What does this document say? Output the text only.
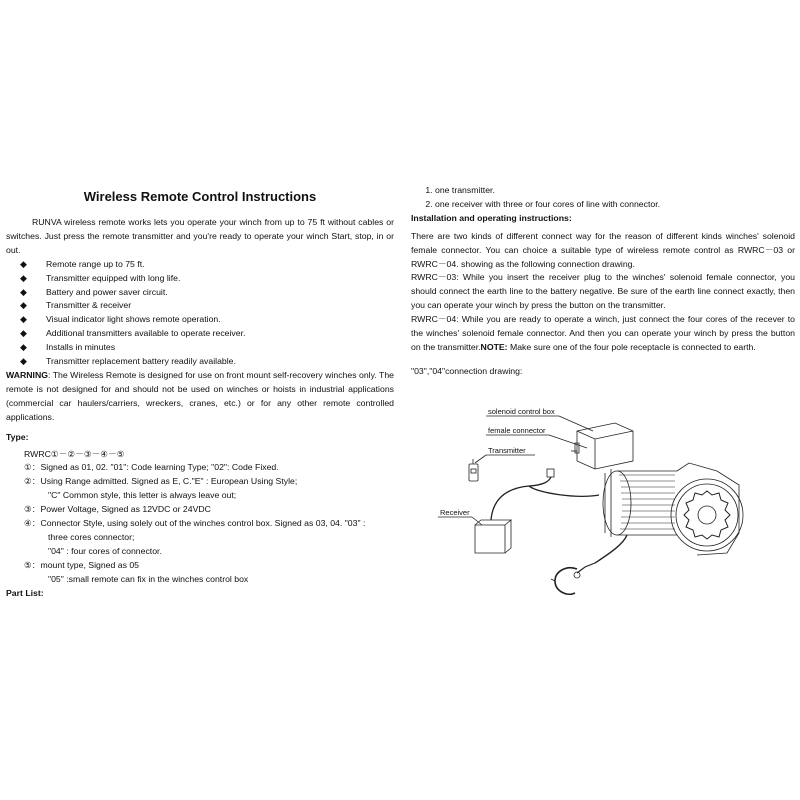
Wireless Remote Control Instructions
RUNVA wireless remote works lets you operate your winch from up to 75 ft without cables or switches. Just press the remote transmitter and you're ready to operate your winch Start, stop, in or out.
◆ Remote range up to 75 ft.
◆ Transmitter equipped with long life.
◆ Battery and power saver circuit.
◆ Transmitter & receiver
◆ Visual indicator light shows remote operation.
◆ Additional transmitters available to operate receiver.
◆ Installs in minutes
◆ Transmitter replacement battery readily available.
WARNING: The Wireless Remote is designed for use on front mount self-recovery winches only. The remote is not designed for and should not be used on winches or hoists in industrial applications (commercial car haulers/carriers, wreckers, cranes, etc.) or for any other remote controlled applications.
Type:
RWRC①－②－③－④－⑤
①：Signed as 01, 02. "01": Code learning Type; "02": Code Fixed.
②：Using Range admitted. Signed as E, C."E" : European Using Style;
"C" Common style, this letter is always leave out;
③：Power Voltage, Signed as 12VDC or 24VDC
④：Connector Style, using solely out of the winches control box. Signed as 03, 04. "03" :
three cores connector;
"04" : four cores of connector.
⑤：mount type, Signed as 05
"05" :small remote can fix in the winches control box
Part List:
1. one transmitter.
2. one receiver with three or four cores of line with connector.
Installation and operating instructions:
There are two kinds of different connect way for the reason of different kinds winches' solenoid female connector. You can choice a suitable type of wireless remote control as RWRC－03 or RWRC－04. showing as the following connection drawing.
RWRC－03: While you insert the receiver plug to the winches' solenoid female connector, you should connect the earth line to the battery negative. Be sure of the earth line connect exactly, then you can operate your winch by press the button on the transmitter.
RWRC－04: While you are ready to operate a winch, just connect the four cores of the recever to the winches' solenoid female connector. And then you can operate your winch by press the button on the transmitter.NOTE: Make sure one of the four pole receptacle is connected to earth.
"03","04"connection drawing:
solenoid control box
female connector
Transmitter
Receiver
